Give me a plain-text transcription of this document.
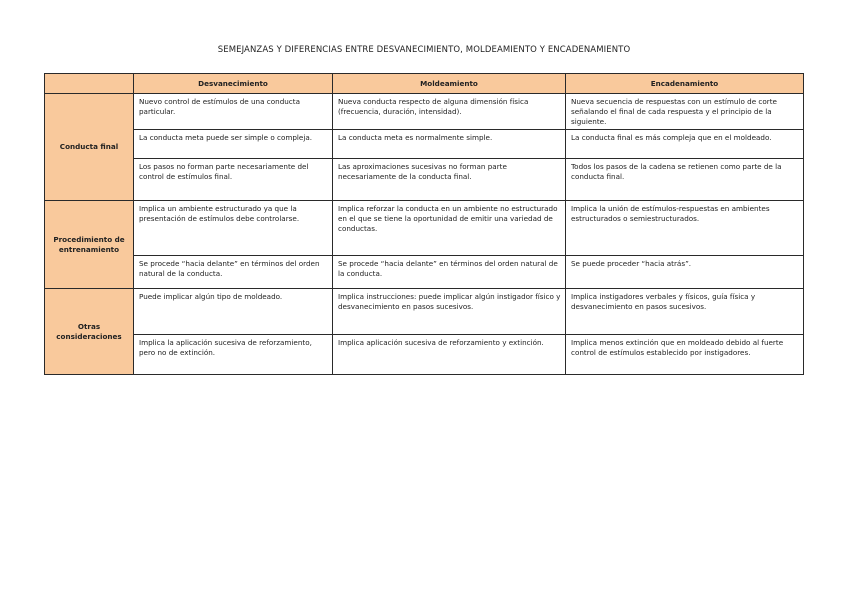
SEMEJANZAS Y DIFERENCIAS ENTRE DESVANECIMIENTO, MOLDEAMIENTO Y ENCADENAMIENTO
	Desvanecimiento	Moldeamiento	Encadenamiento
Conducta final	Nuevo control de estímulos de una conducta particular.	Nueva conducta respecto de alguna dimensión física (frecuencia, duración, intensidad).	Nueva secuencia de respuestas con un estímulo de corte señalando el final de cada respuesta y el principio de la siguiente.
	La conducta meta puede ser simple o compleja.	La conducta meta es normalmente simple.	La conducta final es más compleja que en el moldeado.
	Los pasos no forman parte necesariamente del control de estímulos final.	Las aproximaciones sucesivas no forman parte necesariamente de la conducta final.	Todos los pasos de la cadena se retienen como parte de la conducta final.
Procedimiento de entrenamiento	Implica un ambiente estructurado ya que la presentación de estímulos debe controlarse.	Implica reforzar la conducta en un ambiente no estructurado en el que se tiene la oportunidad de emitir una variedad de conductas.	Implica la unión de estímulos-respuestas en ambientes estructurados o semiestructurados.
	Se procede “hacia delante” en términos del orden natural de la conducta.	Se procede “hacia delante” en términos del orden natural de la conducta.	Se puede proceder “hacia atrás”.
Otras consideraciones	Puede implicar algún tipo de moldeado.	Implica instrucciones: puede implicar algún instigador físico y desvanecimiento en pasos sucesivos.	Implica instigadores verbales y físicos, guía física y desvanecimiento en pasos sucesivos.
	Implica la aplicación sucesiva de reforzamiento, pero no de extinción.	Implica aplicación sucesiva de reforzamiento y extinción.	Implica menos extinción que en moldeado debido al fuerte control de estímulos establecido por instigadores.
